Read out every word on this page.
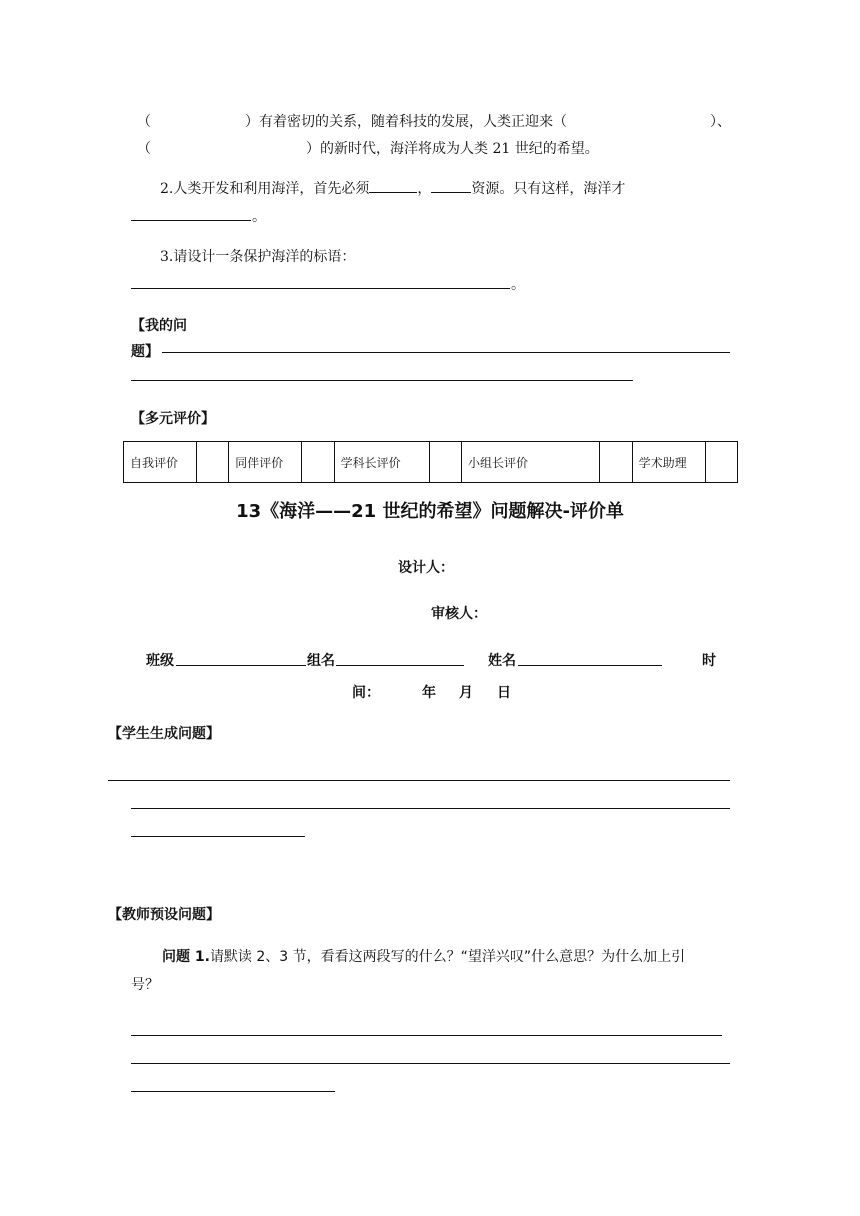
（	）有着密切的关系，随着科技的发展，人类正迎来（	）、
（	）的新时代，海洋将成为人类 21 世纪的希望。
2.人类开发和利用海洋，首先必须	，	资源。只有这样，海洋才
。
3.请设计一条保护海洋的标语：
。
【我的问
题】
【多元评价】
自我评价		同伴评价		学科长评价		小组长评价		学术助理	
13《海洋——21 世纪的希望》问题解决-评价单
设计人：
审核人：
班级	组名	姓名	时
间：	年 月 日
【学生生成问题】
【教师预设问题】
问题 1.请默读 2、3 节，看看这两段写的什么？“望洋兴叹”什么意思？为什么加上引
号？
